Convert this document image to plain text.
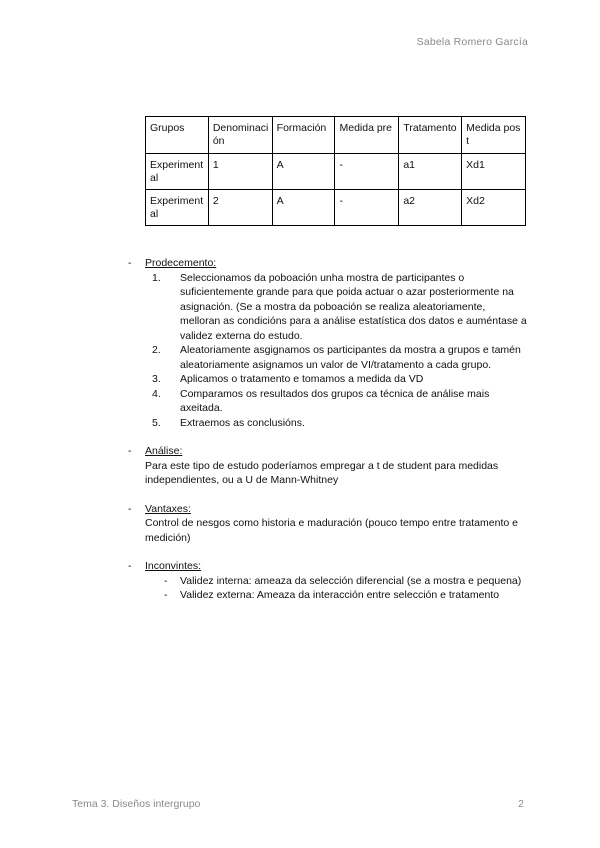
Sabela Romero García
Grupos	Denominación	Formación	Medida pre	Tratamento	Medida post
Experimental	1	A	-	a1	Xd1
Experimental	2	A	-	a2	Xd2
- Prodecemento:
1. Seleccionamos da poboación unha mostra de participantes o suficientemente grande para que poida actuar o azar posteriormente na asignación. (Se a mostra da poboación se realiza aleatoriamente, melloran as condicións para a análise estatística dos datos e auméntase a validez externa do estudo.
2. Aleatoriamente asgignamos os participantes da mostra a grupos e tamén aleatoriamente asignamos un valor de VI/tratamento a cada grupo.
3. Aplicamos o tratamento e tomamos a medida da VD
4. Comparamos os resultados dos grupos ca técnica de análise mais axeitada.
5. Extraemos as conclusións.
- Análise:
Para este tipo de estudo poderíamos empregar a t de student para medidas independientes, ou a U de Mann-Whitney
- Vantaxes:
Control de nesgos como historia e maduración (pouco tempo entre tratamento e medición)
- Inconvintes:
- Validez interna: ameaza da selección diferencial (se a mostra e pequena)
- Validez externa: Ameaza da interacción entre selección e tratamento
Tema 3. Diseños intergrupo	2
